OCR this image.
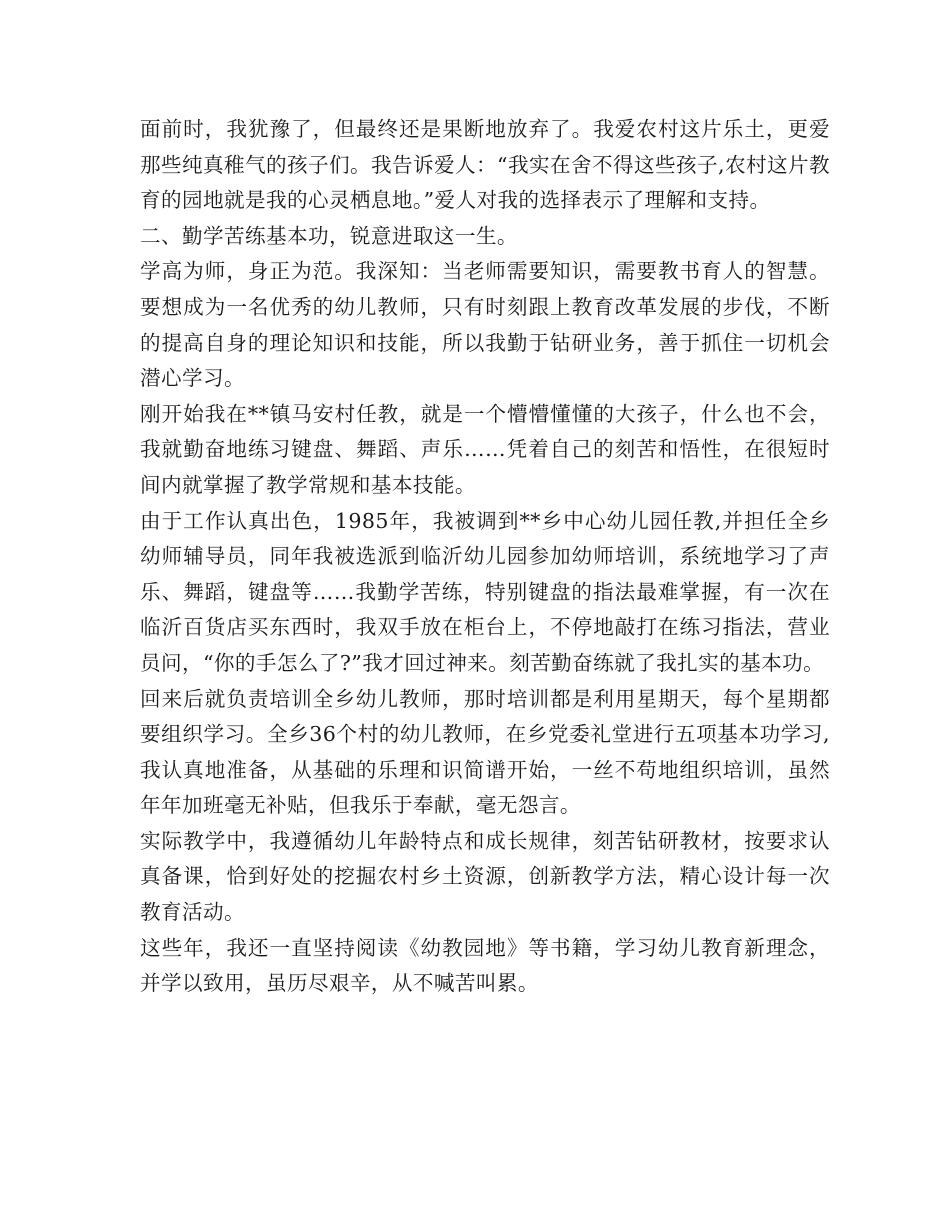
面前时，我犹豫了，但最终还是果断地放弃了。我爱农村这片乐土，更爱那些纯真稚气的孩子们。我告诉爱人：“我实在舍不得这些孩子,农村这片教育的园地就是我的心灵栖息地。”爱人对我的选择表示了理解和支持。

二、勤学苦练基本功，锐意进取这一生。

学高为师，身正为范。我深知：当老师需要知识，需要教书育人的智慧。要想成为一名优秀的幼儿教师，只有时刻跟上教育改革发展的步伐，不断的提高自身的理论知识和技能，所以我勤于钻研业务，善于抓住一切机会潜心学习。

刚开始我在**镇马安村任教，就是一个懵懵懂懂的大孩子，什么也不会，我就勤奋地练习键盘、舞蹈、声乐……凭着自己的刻苦和悟性，在很短时间内就掌握了教学常规和基本技能。

由于工作认真出色，1985年，我被调到**乡中心幼儿园任教,并担任全乡幼师辅导员，同年我被选派到临沂幼儿园参加幼师培训，系统地学习了声乐、舞蹈，键盘等……我勤学苦练，特别键盘的指法最难掌握，有一次在临沂百货店买东西时，我双手放在柜台上，不停地敲打在练习指法，营业员问，“你的手怎么了?”我才回过神来。刻苦勤奋练就了我扎实的基本功。

回来后就负责培训全乡幼儿教师，那时培训都是利用星期天，每个星期都要组织学习。全乡36个村的幼儿教师，在乡党委礼堂进行五项基本功学习,我认真地准备，从基础的乐理和识简谱开始，一丝不苟地组织培训，虽然年年加班毫无补贴，但我乐于奉献，毫无怨言。

实际教学中，我遵循幼儿年龄特点和成长规律，刻苦钻研教材，按要求认真备课，恰到好处的挖掘农村乡土资源，创新教学方法，精心设计每一次教育活动。

这些年，我还一直坚持阅读《幼教园地》等书籍，学习幼儿教育新理念，并学以致用，虽历尽艰辛，从不喊苦叫累。
